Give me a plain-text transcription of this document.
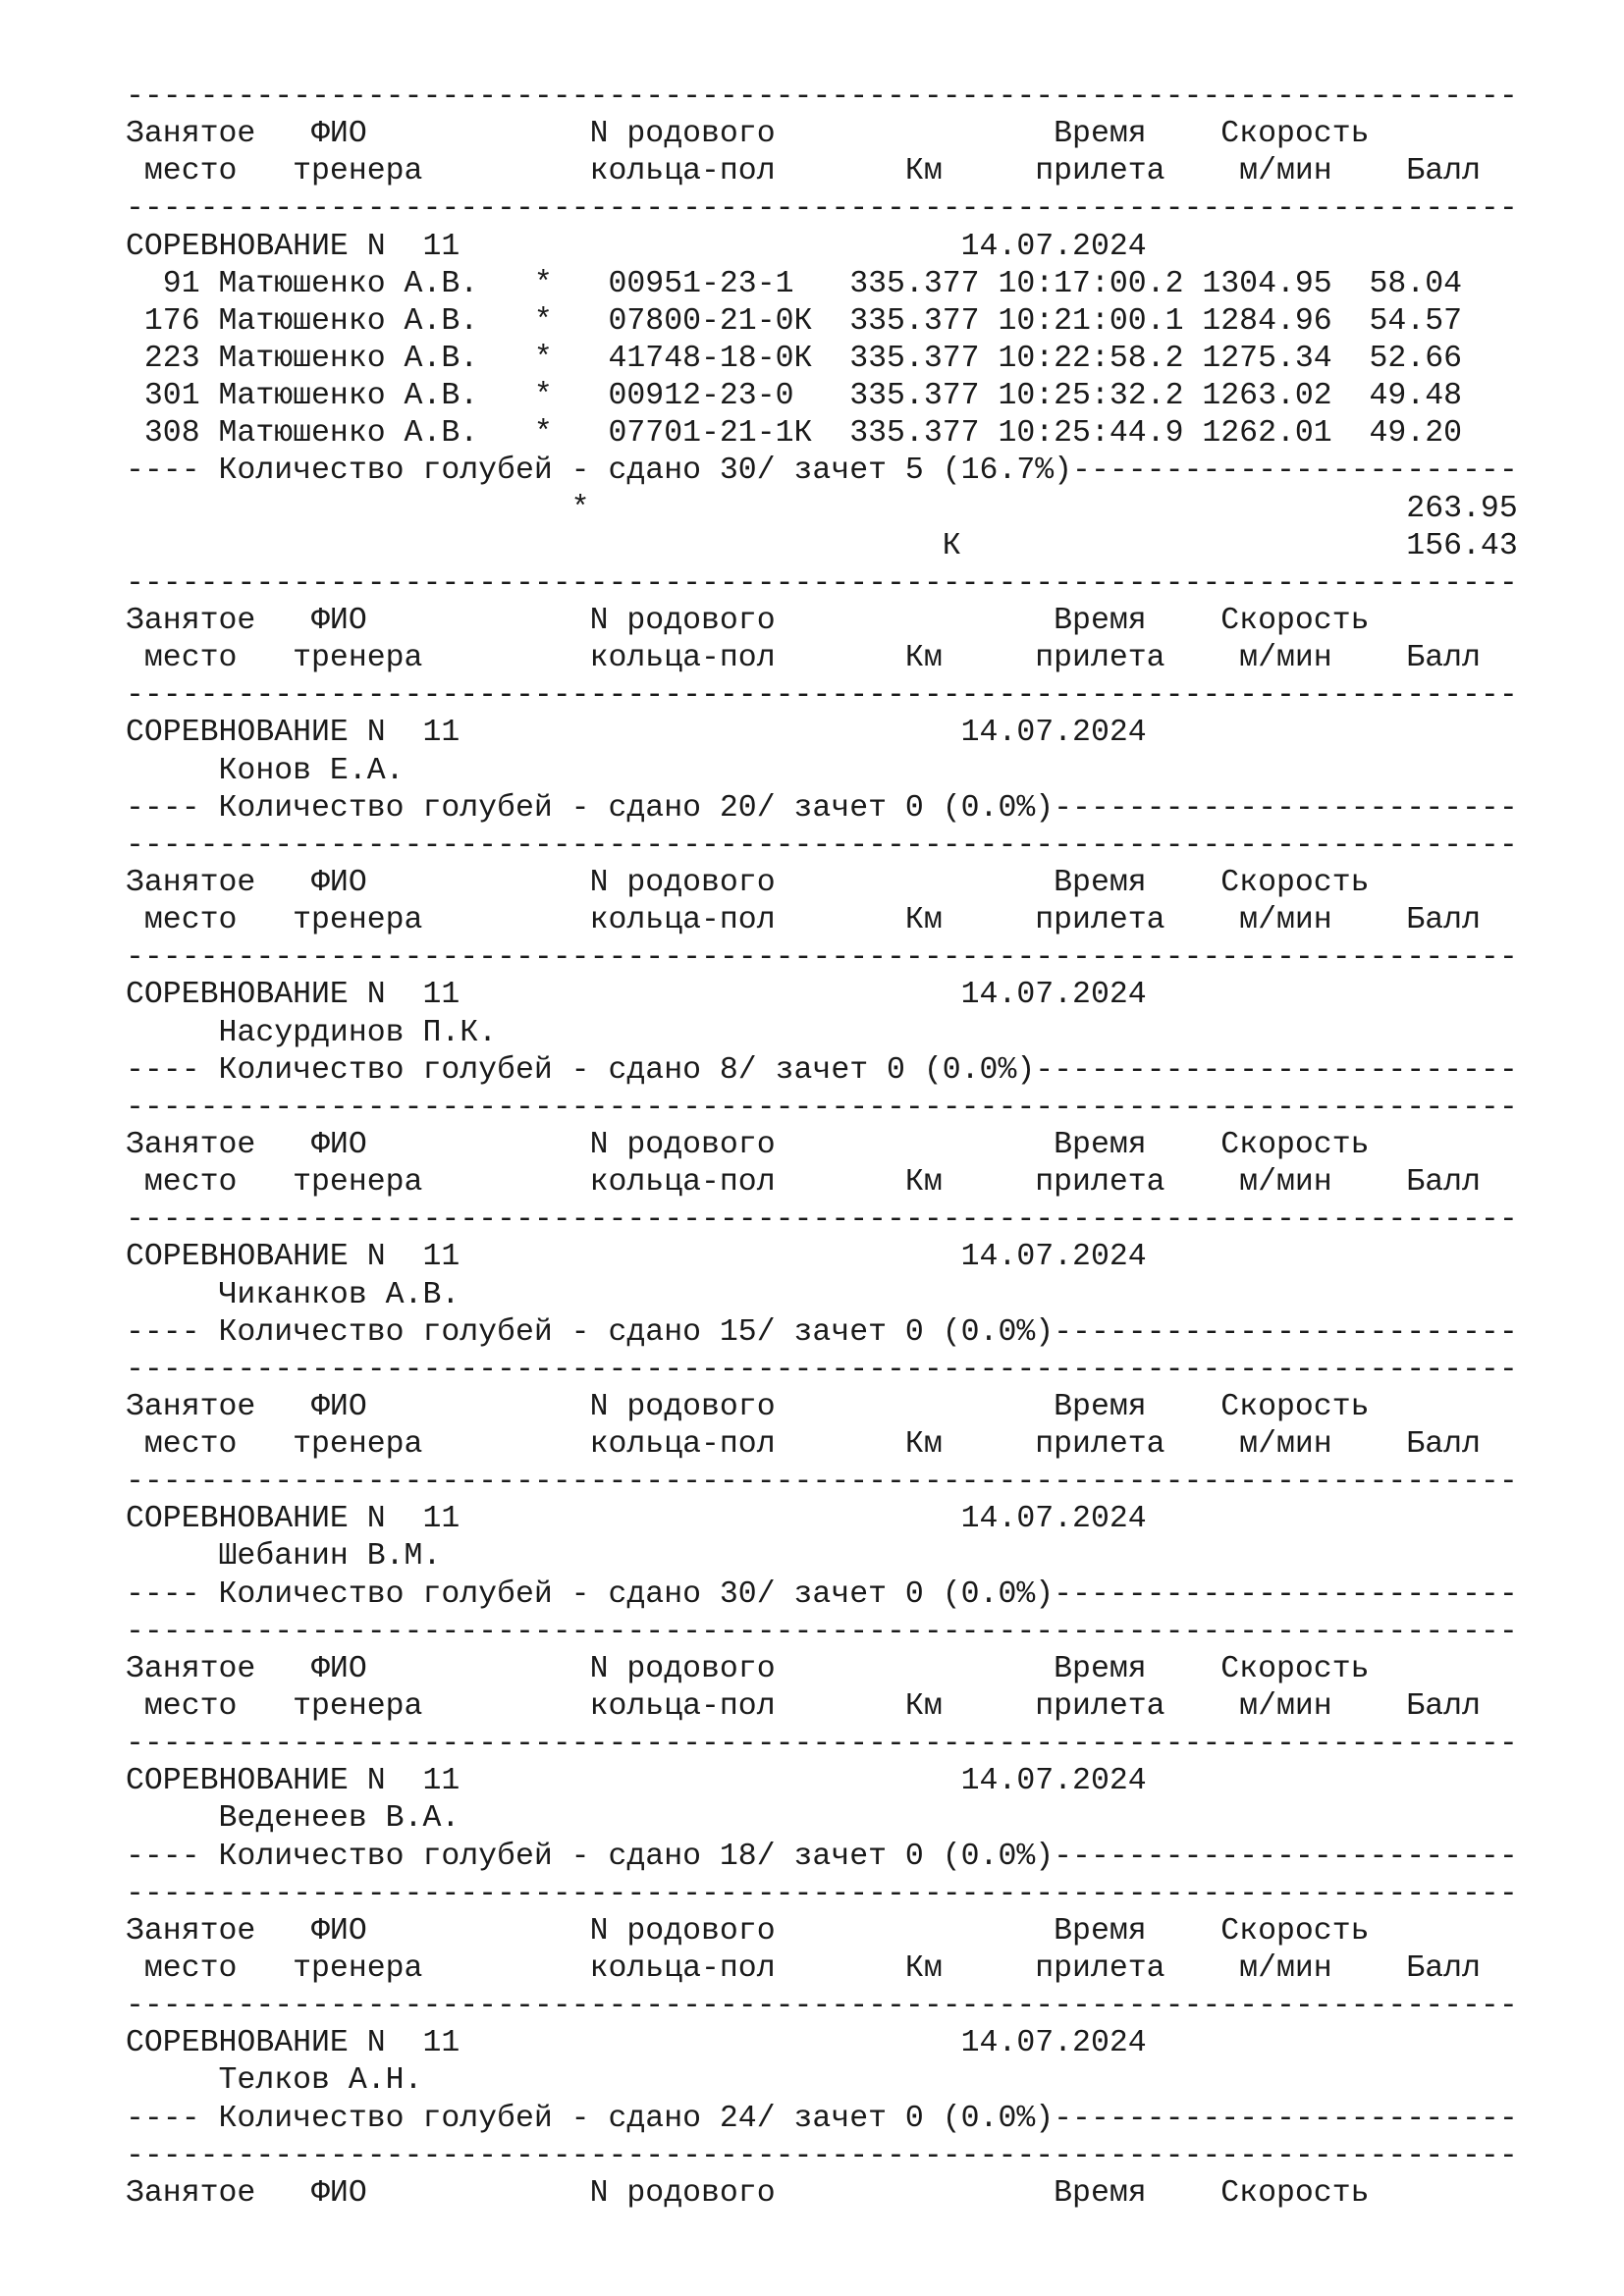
---------------------------------------------------------------------------
Занятое   ФИО            N родового               Время    Скорость
место   тренера         кольца-пол       Км     прилета    м/мин    Балл
---------------------------------------------------------------------------
СОРЕВНОВАНИЕ N  11                           14.07.2024
91 Матюшенко А.В.   *   00951-23-1   335.377 10:17:00.2 1304.95  58.04
176 Матюшенко А.В.   *   07800-21-0К  335.377 10:21:00.1 1284.96  54.57
223 Матюшенко А.В.   *   41748-18-0К  335.377 10:22:58.2 1275.34  52.66
301 Матюшенко А.В.   *   00912-23-0   335.377 10:25:32.2 1263.02  49.48
308 Матюшенко А.В.   *   07701-21-1К  335.377 10:25:44.9 1262.01  49.20
---- Количество голубей - сдано 30/ зачет 5 (16.7%)------------------------
*                                            263.95
К                        156.43
---------------------------------------------------------------------------
Занятое   ФИО            N родового               Время    Скорость
место   тренера         кольца-пол       Км     прилета    м/мин    Балл
---------------------------------------------------------------------------
СОРЕВНОВАНИЕ N  11                           14.07.2024
Конов Е.А.
---- Количество голубей - сдано 20/ зачет 0 (0.0%)-------------------------
---------------------------------------------------------------------------
Занятое   ФИО            N родового               Время    Скорость
место   тренера         кольца-пол       Км     прилета    м/мин    Балл
---------------------------------------------------------------------------
СОРЕВНОВАНИЕ N  11                           14.07.2024
Насурдинов П.К.
---- Количество голубей - сдано 8/ зачет 0 (0.0%)--------------------------
---------------------------------------------------------------------------
Занятое   ФИО            N родового               Время    Скорость
место   тренера         кольца-пол       Км     прилета    м/мин    Балл
---------------------------------------------------------------------------
СОРЕВНОВАНИЕ N  11                           14.07.2024
Чиканков А.В.
---- Количество голубей - сдано 15/ зачет 0 (0.0%)-------------------------
---------------------------------------------------------------------------
Занятое   ФИО            N родового               Время    Скорость
место   тренера         кольца-пол       Км     прилета    м/мин    Балл
---------------------------------------------------------------------------
СОРЕВНОВАНИЕ N  11                           14.07.2024
Шебанин В.М.
---- Количество голубей - сдано 30/ зачет 0 (0.0%)-------------------------
---------------------------------------------------------------------------
Занятое   ФИО            N родового               Время    Скорость
место   тренера         кольца-пол       Км     прилета    м/мин    Балл
---------------------------------------------------------------------------
СОРЕВНОВАНИЕ N  11                           14.07.2024
Веденеев В.А.
---- Количество голубей - сдано 18/ зачет 0 (0.0%)-------------------------
---------------------------------------------------------------------------
Занятое   ФИО            N родового               Время    Скорость
место   тренера         кольца-пол       Км     прилета    м/мин    Балл
---------------------------------------------------------------------------
СОРЕВНОВАНИЕ N  11                           14.07.2024
Телков А.Н.
---- Количество голубей - сдано 24/ зачет 0 (0.0%)-------------------------
---------------------------------------------------------------------------
Занятое   ФИО            N родового               Время    Скорость
